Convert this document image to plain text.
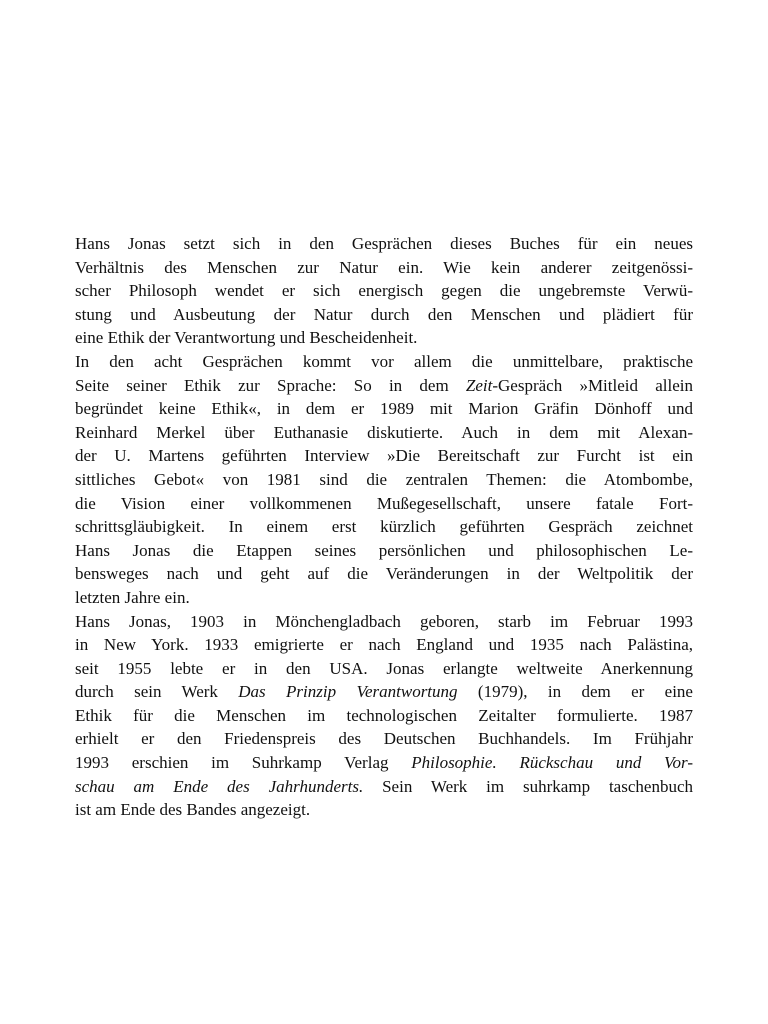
Hans Jonas setzt sich in den Gesprächen dieses Buches für ein neues
Verhältnis des Menschen zur Natur ein. Wie kein anderer zeitgenössi-
scher Philosoph wendet er sich energisch gegen die ungebremste Verwü-
stung und Ausbeutung der Natur durch den Menschen und plädiert für
eine Ethik der Verantwortung und Bescheidenheit.
In den acht Gesprächen kommt vor allem die unmittelbare, praktische
Seite seiner Ethik zur Sprache: So in dem Zeit-Gespräch »Mitleid allein
begründet keine Ethik«, in dem er 1989 mit Marion Gräfin Dönhoff und
Reinhard Merkel über Euthanasie diskutierte. Auch in dem mit Alexan-
der U. Martens geführten Interview »Die Bereitschaft zur Furcht ist ein
sittliches Gebot« von 1981 sind die zentralen Themen: die Atombombe,
die Vision einer vollkommenen Mußegesellschaft, unsere fatale Fort-
schrittsgläubigkeit. In einem erst kürzlich geführten Gespräch zeichnet
Hans Jonas die Etappen seines persönlichen und philosophischen Le-
bensweges nach und geht auf die Veränderungen in der Weltpolitik der
letzten Jahre ein.
Hans Jonas, 1903 in Mönchengladbach geboren, starb im Februar 1993
in New York. 1933 emigrierte er nach England und 1935 nach Palästina,
seit 1955 lebte er in den USA. Jonas erlangte weltweite Anerkennung
durch sein Werk Das Prinzip Verantwortung (1979), in dem er eine
Ethik für die Menschen im technologischen Zeitalter formulierte. 1987
erhielt er den Friedenspreis des Deutschen Buchhandels. Im Frühjahr
1993 erschien im Suhrkamp Verlag Philosophie. Rückschau und Vor-
schau am Ende des Jahrhunderts. Sein Werk im suhrkamp taschenbuch
ist am Ende des Bandes angezeigt.
